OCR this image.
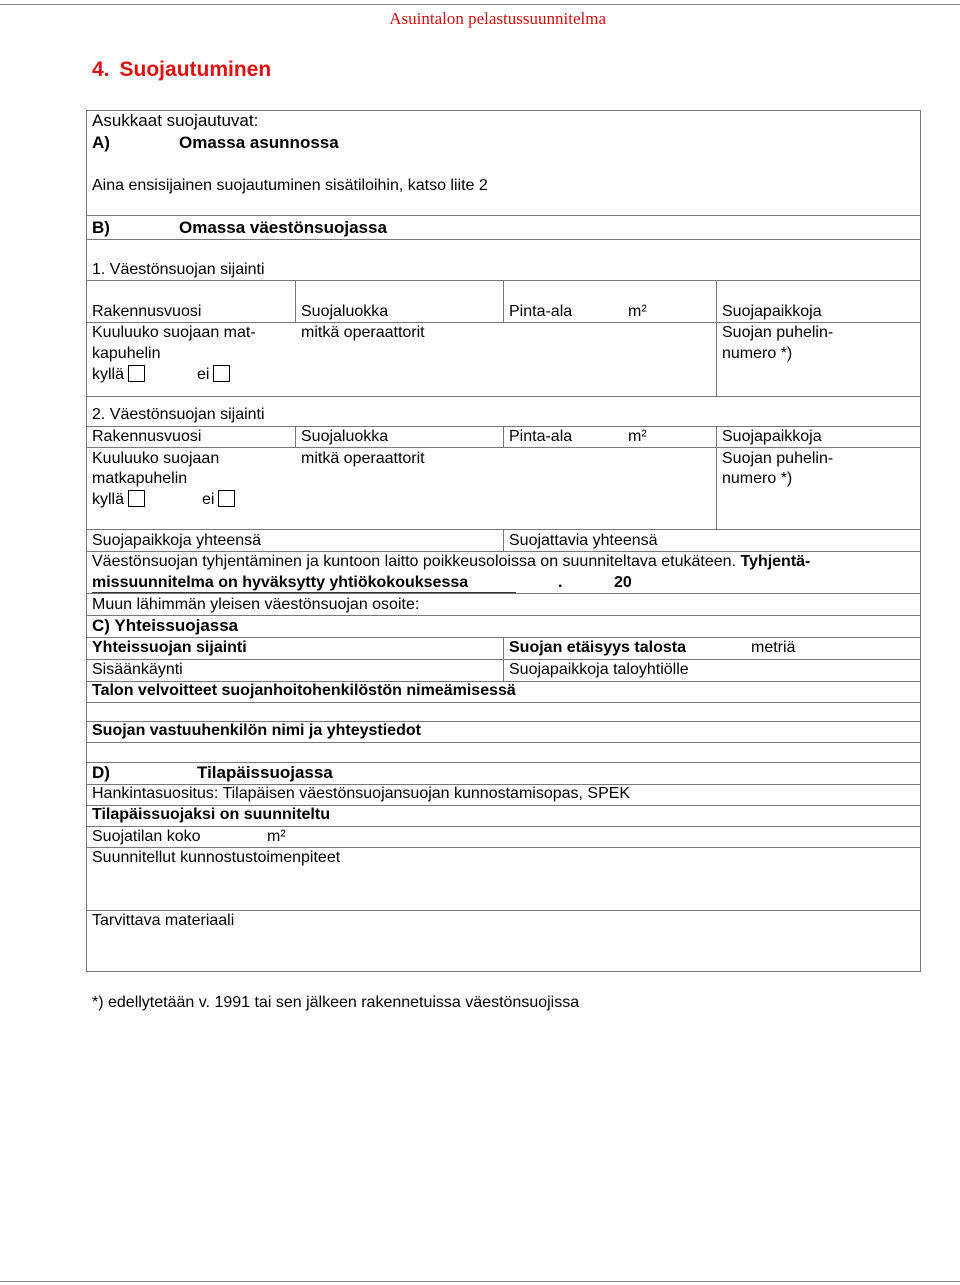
Asuintalon pelastussuunnitelma
4. Suojautuminen
Asukkaat suojautuvat:
A)	Omassa asunnossa
Aina ensisijainen suojautuminen sisätiloihin, katso liite 2
B)	Omassa väestönsuojassa
1. Väestönsuojan sijainti
Rakennusvuosi	Suojaluokka	Pinta-ala	m²	Suojapaikkoja
Kuuluuko suojaan mat-
kapuhelin
kyllä	ei
mitkä operaattorit	Suojan puhelin-
numero *)
2. Väestönsuojan sijainti
Rakennusvuosi	Suojaluokka	Pinta-ala	m²	Suojapaikkoja
Kuuluuko suojaan
matkapuhelin
kyllä	ei
mitkä operaattorit	Suojan puhelin-
numero *)
Suojapaikkoja yhteensä	Suojattavia yhteensä
Väestönsuojan tyhjentäminen ja kuntoon laitto poikkeusoloissa on suunniteltava etukäteen. Tyhjentä-
missuunnitelma on hyväksytty yhtiökokouksessa	.	20
Muun lähimmän yleisen väestönsuojan osoite:
C) Yhteissuojassa
Yhteissuojan sijainti	Suojan etäisyys talosta	metriä
Sisäänkäynti	Suojapaikkoja taloyhtiölle
Talon velvoitteet suojanhoitohenkilöstön nimeämisessä
Suojan vastuuhenkilön nimi ja yhteystiedot
D)	Tilapäissuojassa
Hankintasuositus: Tilapäisen väestönsuojansuojan kunnostamisopas, SPEK
Tilapäissuojaksi on suunniteltu
Suojatilan koko	m²
Suunnitellut kunnostustoimenpiteet
Tarvittava materiaali
*) edellytetään v. 1991 tai sen jälkeen rakennetuissa väestönsuojissa
